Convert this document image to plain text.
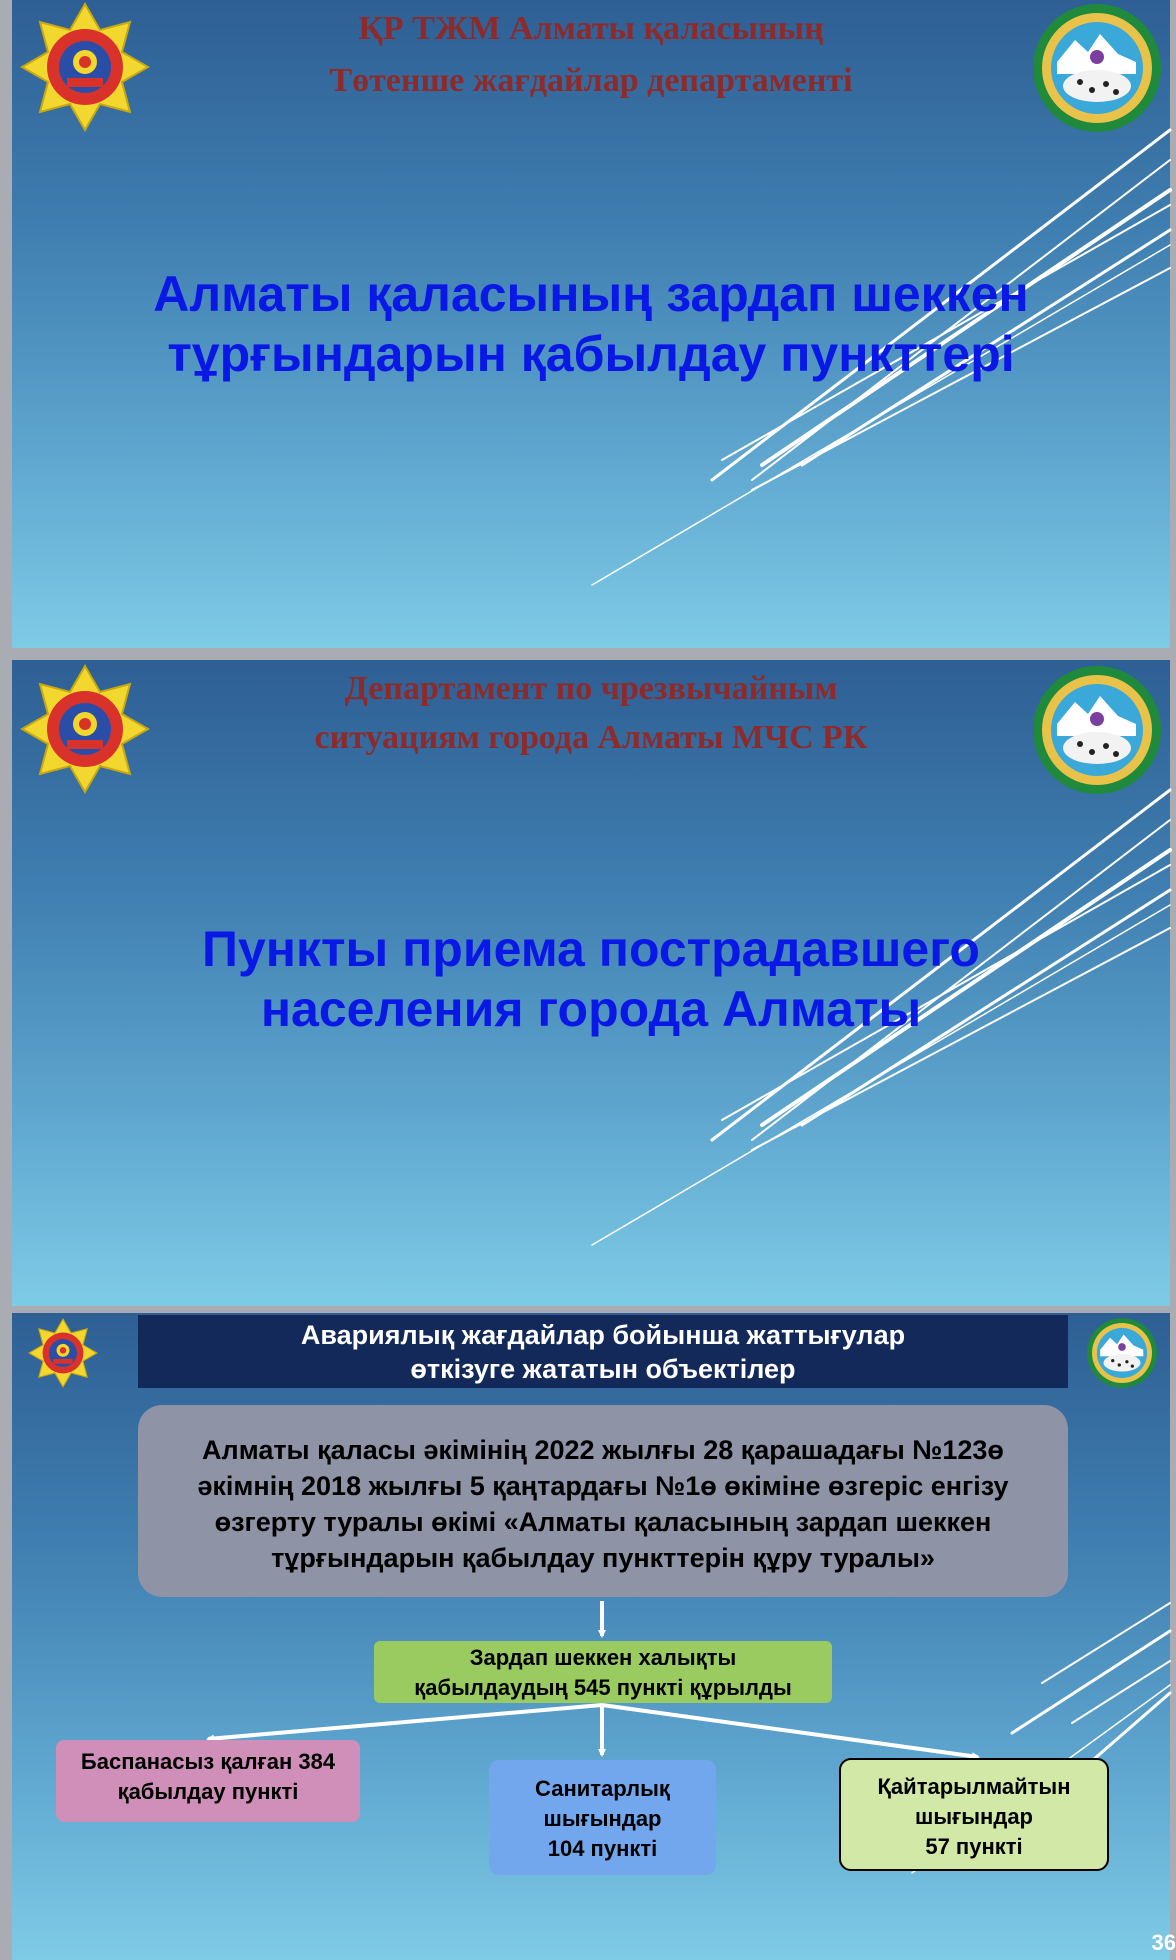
ҚР ТЖМ Алматы қаласының
Төтенше жағдайлар департаменті
Алматы қаласының зардап шеккен
тұрғындарын қабылдау пункттері
Департамент по чрезвычайным
ситуациям города Алматы МЧС РК
Пункты приема пострадавшего
населения города Алматы
Авариялық жағдайлар бойынша жаттығулар
өткізуге жататын объектілер
Алматы қаласы әкімінің 2022 жылғы 28 қарашадағы №123ө
әкімнің 2018 жылғы 5 қаңтардағы №1ө өкіміне өзгеріс енгізу
өзгерту туралы өкімі «Алматы қаласының зардап шеккен
тұрғындарын қабылдау пункттерін құру туралы»
Зардап шеккен халықты
қабылдаудың 545 пункті құрылды
Баспанасыз қалған 384
қабылдау пункті	Санитарлық
шығындар
104 пункті
Қайтарылмайтын
шығындар
57 пункті
36
